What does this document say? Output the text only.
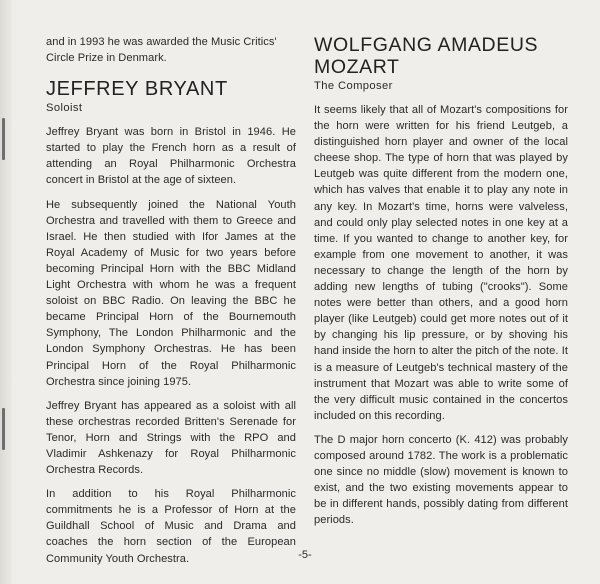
and in 1993 he was awarded the Music Critics' Circle Prize in Denmark.

JEFFREY BRYANT
Soloist

Jeffrey Bryant was born in Bristol in 1946. He started to play the French horn as a result of attending an Royal Philharmonic Orchestra concert in Bristol at the age of sixteen.

He subsequently joined the National Youth Orchestra and travelled with them to Greece and Israel. He then studied with Ifor James at the Royal Academy of Music for two years before becoming Principal Horn with the BBC Midland Light Orchestra with whom he was a frequent soloist on BBC Radio. On leaving the BBC he became Principal Horn of the Bournemouth Symphony, The London Philharmonic and the London Symphony Orchestras. He has been Principal Horn of the Royal Philharmonic Orchestra since joining 1975.

Jeffrey Bryant has appeared as a soloist with all these orchestras recorded Britten's Serenade for Tenor, Horn and Strings with the RPO and Vladimir Ashkenazy for Royal Philharmonic Orchestra Records.

In addition to his Royal Philharmonic commitments he is a Professor of Horn at the Guildhall School of Music and Drama and coaches the horn section of the European Community Youth Orchestra.

WOLFGANG AMADEUS MOZART
The Composer

It seems likely that all of Mozart's compositions for the horn were written for his friend Leutgeb, a distinguished horn player and owner of the local cheese shop. The type of horn that was played by Leutgeb was quite different from the modern one, which has valves that enable it to play any note in any key. In Mozart's time, horns were valveless, and could only play selected notes in one key at a time. If you wanted to change to another key, for example from one movement to another, it was necessary to change the length of the horn by adding new lengths of tubing ("crooks"). Some notes were better than others, and a good horn player (like Leutgeb) could get more notes out of it by changing his lip pressure, or by shoving his hand inside the horn to alter the pitch of the note. It is a measure of Leutgeb's technical mastery of the instrument that Mozart was able to write some of the very difficult music contained in the concertos included on this recording.

The D major horn concerto (K. 412) was probably composed around 1782. The work is a problematic one since no middle (slow) movement is known to exist, and the two existing movements appear to be in different hands, possibly dating from different periods.

-5-
